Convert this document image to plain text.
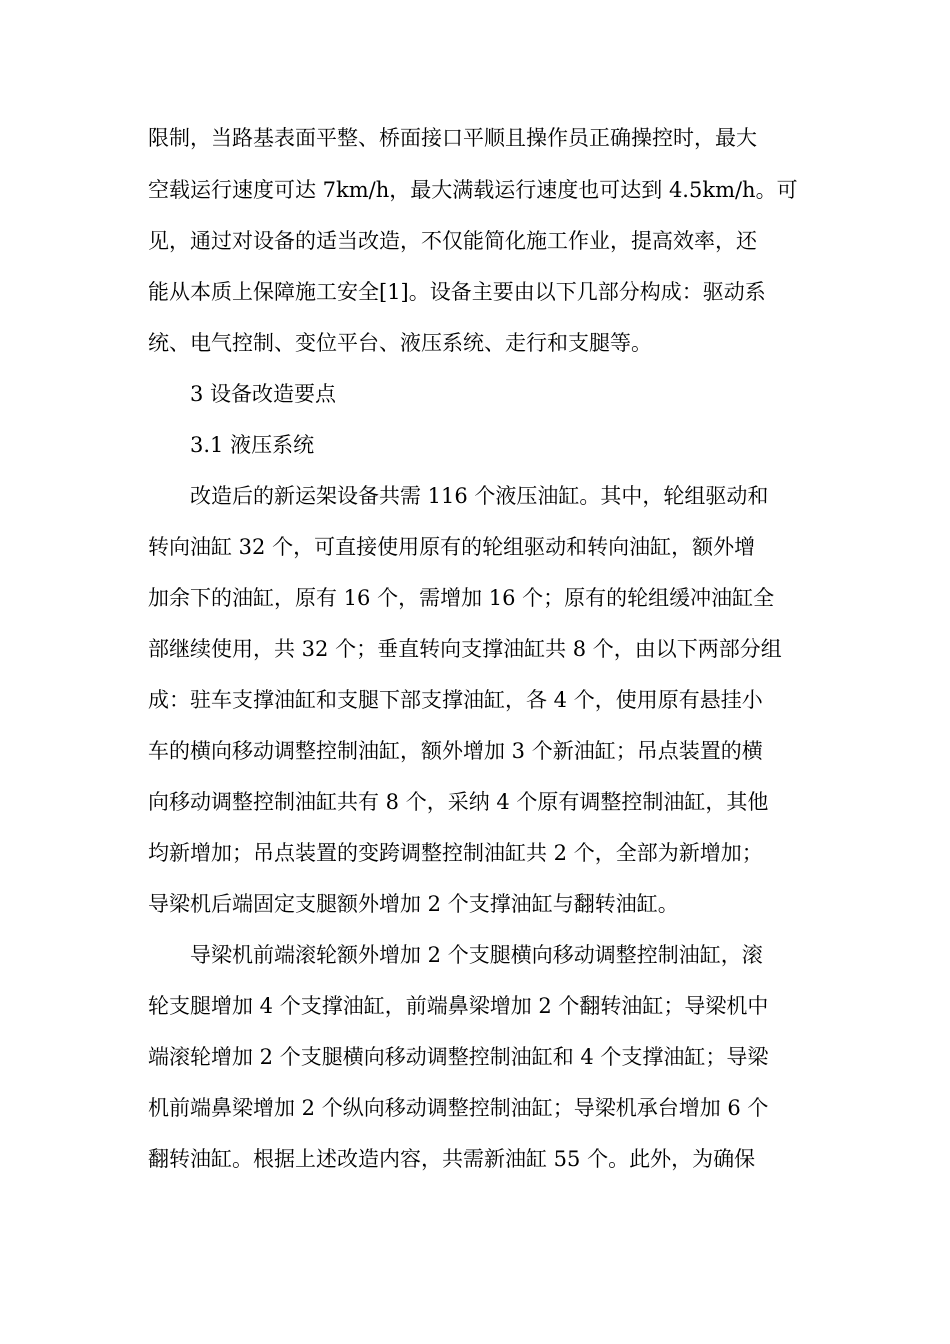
限制，当路基表面平整、桥面接口平顺且操作员正确操控时，最大
空载运行速度可达 7km/h，最大满载运行速度也可达到 4.5km/h。可
见，通过对设备的适当改造，不仅能简化施工作业，提高效率，还
能从本质上保障施工安全[1]。设备主要由以下几部分构成：驱动系
统、电气控制、变位平台、液压系统、走行和支腿等。
3 设备改造要点
3.1 液压系统
改造后的新运架设备共需 116 个液压油缸。其中，轮组驱动和
转向油缸 32 个，可直接使用原有的轮组驱动和转向油缸，额外增
加余下的油缸，原有 16 个，需增加 16 个；原有的轮组缓冲油缸全
部继续使用，共 32 个；垂直转向支撑油缸共 8 个，由以下两部分组
成：驻车支撑油缸和支腿下部支撑油缸，各 4 个，使用原有悬挂小
车的横向移动调整控制油缸，额外增加 3 个新油缸；吊点装置的横
向移动调整控制油缸共有 8 个，采纳 4 个原有调整控制油缸，其他
均新增加；吊点装置的变跨调整控制油缸共 2 个，全部为新增加；
导梁机后端固定支腿额外增加 2 个支撑油缸与翻转油缸。
导梁机前端滚轮额外增加 2 个支腿横向移动调整控制油缸，滚
轮支腿增加 4 个支撑油缸，前端鼻梁增加 2 个翻转油缸；导梁机中
端滚轮增加 2 个支腿横向移动调整控制油缸和 4 个支撑油缸；导梁
机前端鼻梁增加 2 个纵向移动调整控制油缸；导梁机承台增加 6 个
翻转油缸。根据上述改造内容，共需新油缸 55 个。此外，为确保
